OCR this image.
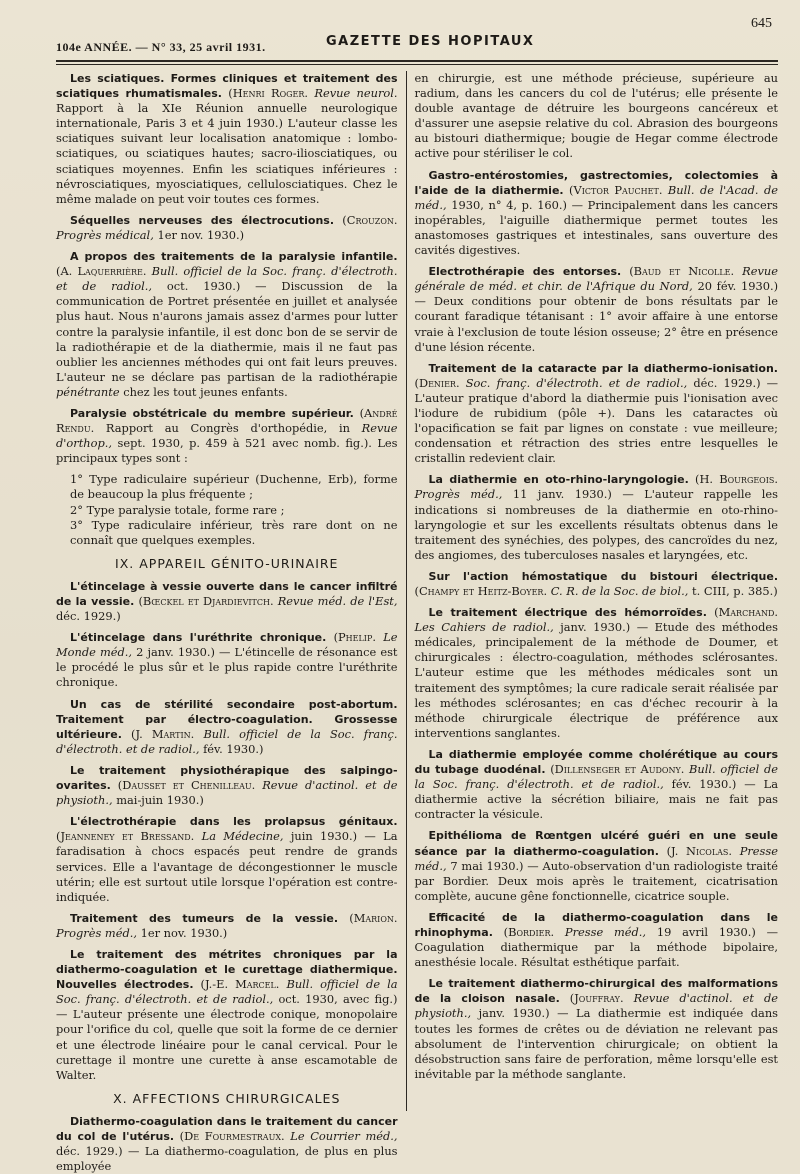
104e ANNÉE. — N° 33, 25 avril 1931.	GAZETTE DES HOPITAUX
645

Les sciatiques. Formes cliniques et traitement des sciatiques rhumatismales. (Henri Roger. Revue neurol. Rapport à la XIe Réunion annuelle neurologique internationale, Paris 3 et 4 juin 1930.) L'auteur classe les sciatiques suivant leur localisation anatomique : lombo-sciatiques, ou sciatiques hautes; sacro-iliosciatiques, ou sciatiques moyennes. Enfin les sciatiques inférieures : névrosciatiques, myosciatiques, cellulosciatiques. Chez le même malade on peut voir toutes ces formes.

Séquelles nerveuses des électrocutions. (Crouzon. Progrès médical, 1er nov. 1930.)

A propos des traitements de la paralysie infantile. (A. Laquerrière. Bull. officiel de la Soc. franç. d'électroth. et de radiol., oct. 1930.) — Discussion de la communication de Portret présentée en juillet et analysée plus haut. Nous n'aurons jamais assez d'armes pour lutter contre la paralysie infantile, il est donc bon de se servir de la radiothérapie et de la diathermie, mais il ne faut pas oublier les anciennes méthodes qui ont fait leurs preuves. L'auteur ne se déclare pas partisan de la radiothérapie pénétrante chez les tout jeunes enfants.

Paralysie obstétricale du membre supérieur. (André Rendu. Rapport au Congrès d'orthopédie, in Revue d'orthop., sept. 1930, p. 459 à 521 avec nomb. fig.). Les principaux types sont :

1° Type radiculaire supérieur (Duchenne, Erb), forme de beaucoup la plus fréquente ;

2° Type paralysie totale, forme rare ;

3° Type radiculaire inférieur, très rare dont on ne connaît que quelques exemples.

IX. APPAREIL GÉNITO-URINAIRE

L'étincelage à vessie ouverte dans le cancer infiltré de la vessie. (Bœckel et Djardievitch. Revue méd. de l'Est, déc. 1929.)

L'étincelage dans l'uréthrite chronique. (Phelip. Le Monde méd., 2 janv. 1930.) — L'étincelle de résonance est le procédé le plus sûr et le plus rapide contre l'uréthrite chronique.

Un cas de stérilité secondaire post-abortum. Traitement par électro-coagulation. Grossesse ultérieure. (J. Martin. Bull. officiel de la Soc. franç. d'électroth. et de radiol., fév. 1930.)

Le traitement physiothérapique des salpingo-ovarites. (Dausset et Chenilleau. Revue d'actinol. et de physioth., mai-juin 1930.)

L'électrothérapie dans les prolapsus génitaux. (Jeanneney et Bressand. La Médecine, juin 1930.) — La faradisation à chocs espacés peut rendre de grands services. Elle a l'avantage de décongestionner le muscle utérin; elle est surtout utile lorsque l'opération est contre-indiquée.

Traitement des tumeurs de la vessie. (Marion. Progrès méd., 1er nov. 1930.)

Le traitement des métrites chroniques par la diathermo-coagulation et le curettage diathermique. Nouvelles électrodes. (J.-E. Marcel. Bull. officiel de la Soc. franç. d'électroth. et de radiol., oct. 1930, avec fig.) — L'auteur présente une électrode conique, monopolaire pour l'orifice du col, quelle que soit la forme de ce dernier et une électrode linéaire pour le canal cervical. Pour le curettage il montre une curette à anse escamotable de Walter.

X. AFFECTIONS CHIRURGICALES

Diathermo-coagulation dans le traitement du cancer du col de l'utérus. (De Fourmestraux. Le Courrier méd., déc. 1929.) — La diathermo-coagulation, de plus en plus employée

en chirurgie, est une méthode précieuse, supérieure au radium, dans les cancers du col de l'utérus; elle présente le double avantage de détruire les bourgeons cancéreux et d'assurer une asepsie relative du col. Abrasion des bourgeons au bistouri diathermique; bougie de Hegar comme électrode active pour stériliser le col.

Gastro-entérostomies, gastrectomies, colectomies à l'aide de la diathermie. (Victor Pauchet. Bull. de l'Acad. de méd., 1930, n° 4, p. 160.) — Principalement dans les cancers inopérables, l'aiguille diathermique permet toutes les anastomoses gastriques et intestinales, sans ouverture des cavités digestives.

Electrothérapie des entorses. (Baud et Nicolle. Revue générale de méd. et chir. de l'Afrique du Nord, 20 fév. 1930.) — Deux conditions pour obtenir de bons résultats par le courant faradique tétanisant : 1° avoir affaire à une entorse vraie à l'exclusion de toute lésion osseuse; 2° être en présence d'une lésion récente.

Traitement de la cataracte par la diathermo-ionisation. (Denier. Soc. franç. d'électroth. et de radiol., déc. 1929.) — L'auteur pratique d'abord la diathermie puis l'ionisation avec l'iodure de rubidium (pôle +). Dans les cataractes où l'opacification se fait par lignes on constate : vue meilleure; condensation et rétraction des stries entre lesquelles le cristallin redevient clair.

La diathermie en oto-rhino-laryngologie. (H. Bourgeois. Progrès méd., 11 janv. 1930.) — L'auteur rappelle les indications si nombreuses de la diathermie en oto-rhino-laryngologie et sur les excellents résultats obtenus dans le traitement des synéchies, des polypes, des cancroïdes du nez, des angiomes, des tuberculoses nasales et laryngées, etc.

Sur l'action hémostatique du bistouri électrique. (Champy et Heitz-Boyer. C. R. de la Soc. de biol., t. CIII, p. 385.)

Le traitement électrique des hémorroïdes. (Marchand. Les Cahiers de radiol., janv. 1930.) — Etude des méthodes médicales, principalement de la méthode de Doumer, et chirurgicales : électro-coagulation, méthodes sclérosantes. L'auteur estime que les méthodes médicales sont un traitement des symptômes; la cure radicale serait réalisée par les méthodes sclérosantes; en cas d'échec recourir à la méthode chirurgicale électrique de préférence aux interventions sanglantes.

La diathermie employée comme cholérétique au cours du tubage duodénal. (Dillenseger et Audony. Bull. officiel de la Soc. franç. d'électroth. et de radiol., fév. 1930.) — La diathermie active la sécrétion biliaire, mais ne fait pas contracter la vésicule.

Epithélioma de Rœntgen ulcéré guéri en une seule séance par la diathermo-coagulation. (J. Nicolas. Presse méd., 7 mai 1930.) — Auto-observation d'un radiologiste traité par Bordier. Deux mois après le traitement, cicatrisation complète, aucune gêne fonctionnelle, cicatrice souple.

Efficacité de la diathermo-coagulation dans le rhinophyma. (Bordier. Presse méd., 19 avril 1930.) — Coagulation diathermique par la méthode bipolaire, anesthésie locale. Résultat esthétique parfait.

Le traitement diathermo-chirurgical des malformations de la cloison nasale. (Jouffray. Revue d'actinol. et de physioth., janv. 1930.) — La diathermie est indiquée dans toutes les formes de crêtes ou de déviation ne relevant pas absolument de l'intervention chirurgicale; on obtient la désobstruction sans faire de perforation, même lorsqu'elle est inévitable par la méthode sanglante.
